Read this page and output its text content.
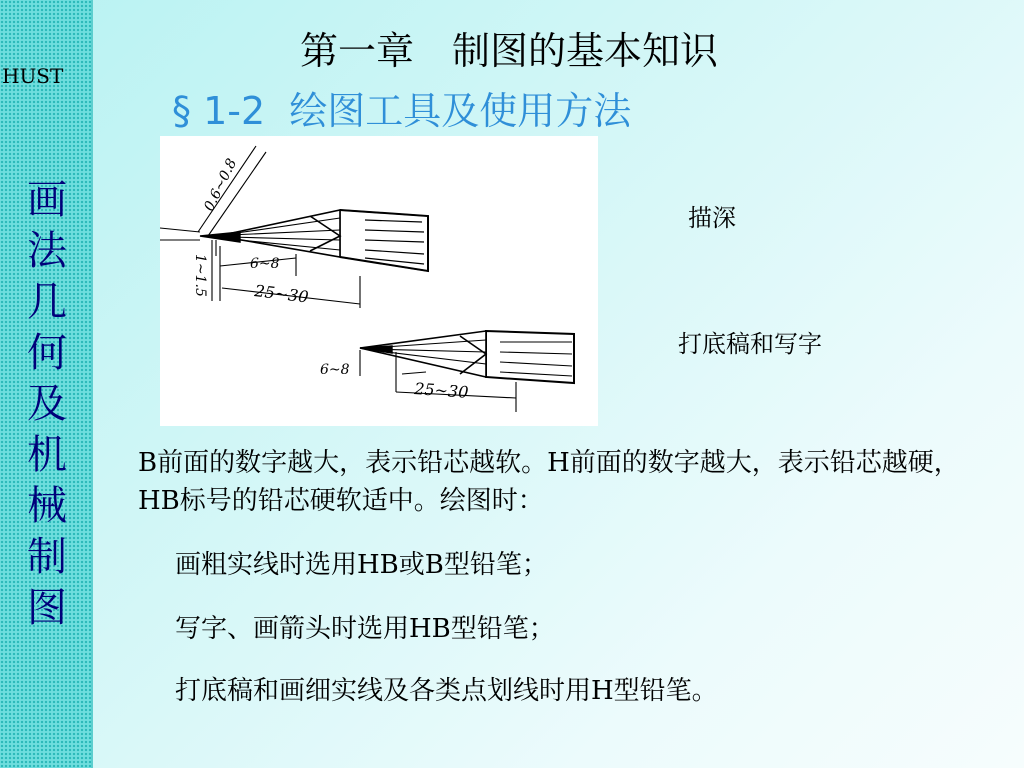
HUST
画
法
几
何
及
机
械
制
图
第一章　制图的基本知识
§ 1-2  绘图工具及使用方法
0.6~0.8
1~1.5	6~8
25~30
6~8
25~30
描深
打底稿和写字
B前面的数字越大，表示铅芯越软。H前面的数字越大，表示铅芯越硬，HB标号的铅芯硬软适中。绘图时：
画粗实线时选用HB或B型铅笔；
写字、画箭头时选用HB型铅笔；
打底稿和画细实线及各类点划线时用H型铅笔。
